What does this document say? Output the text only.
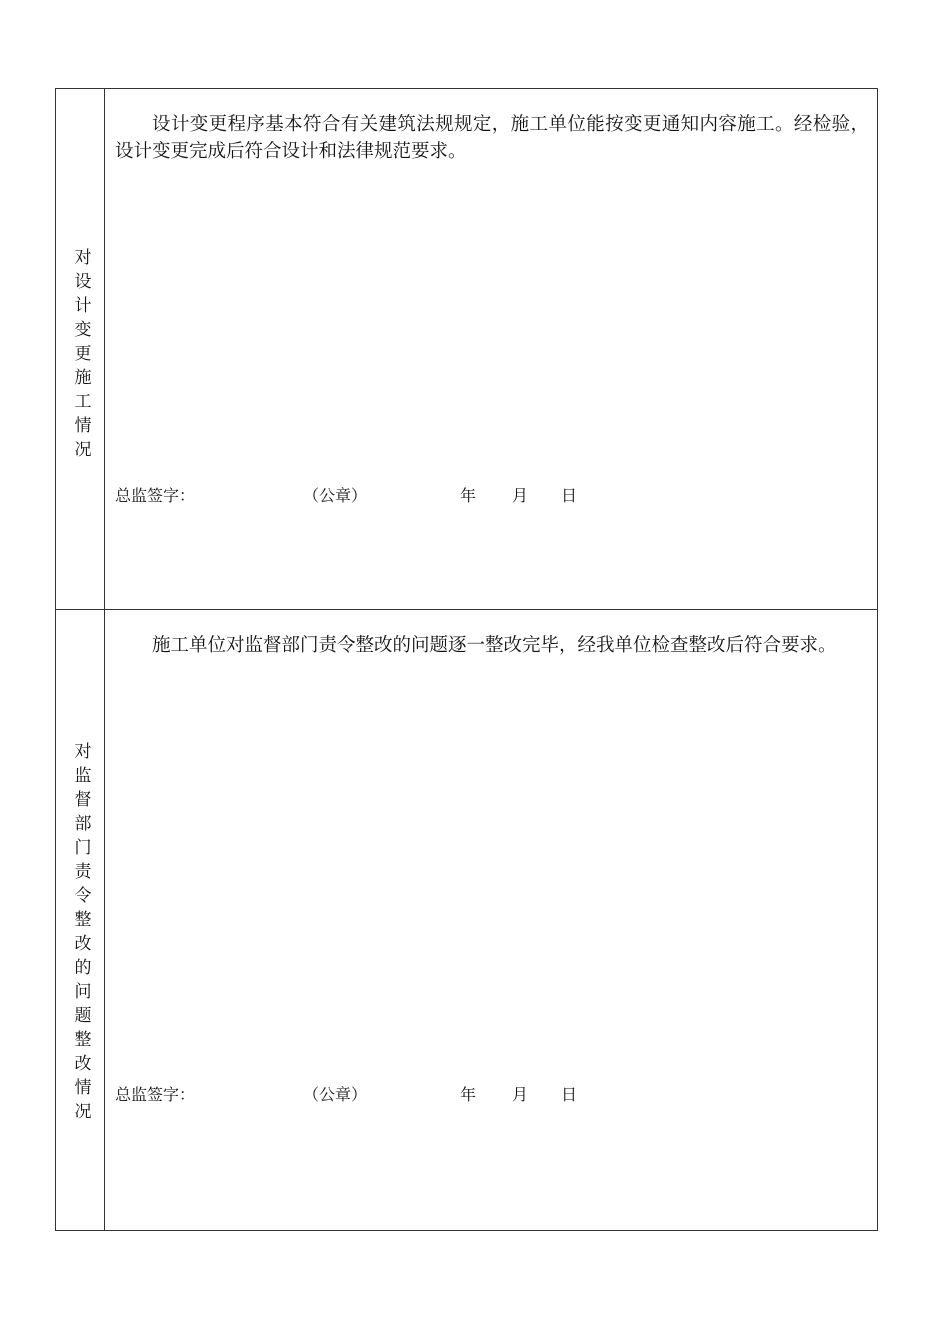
对设计变更施工情况

设计变更程序基本符合有关建筑法规规定，施工单位能按变更通知内容施工。经检验，设计变更完成后符合设计和法律规范要求。

总监签字：	（公章）	年 月 日
对监督部门责令整改的问题整改情况

施工单位对监督部门责令整改的问题逐一整改完毕，经我单位检查整改后符合要求。

总监签字：	（公章）	年 月 日
